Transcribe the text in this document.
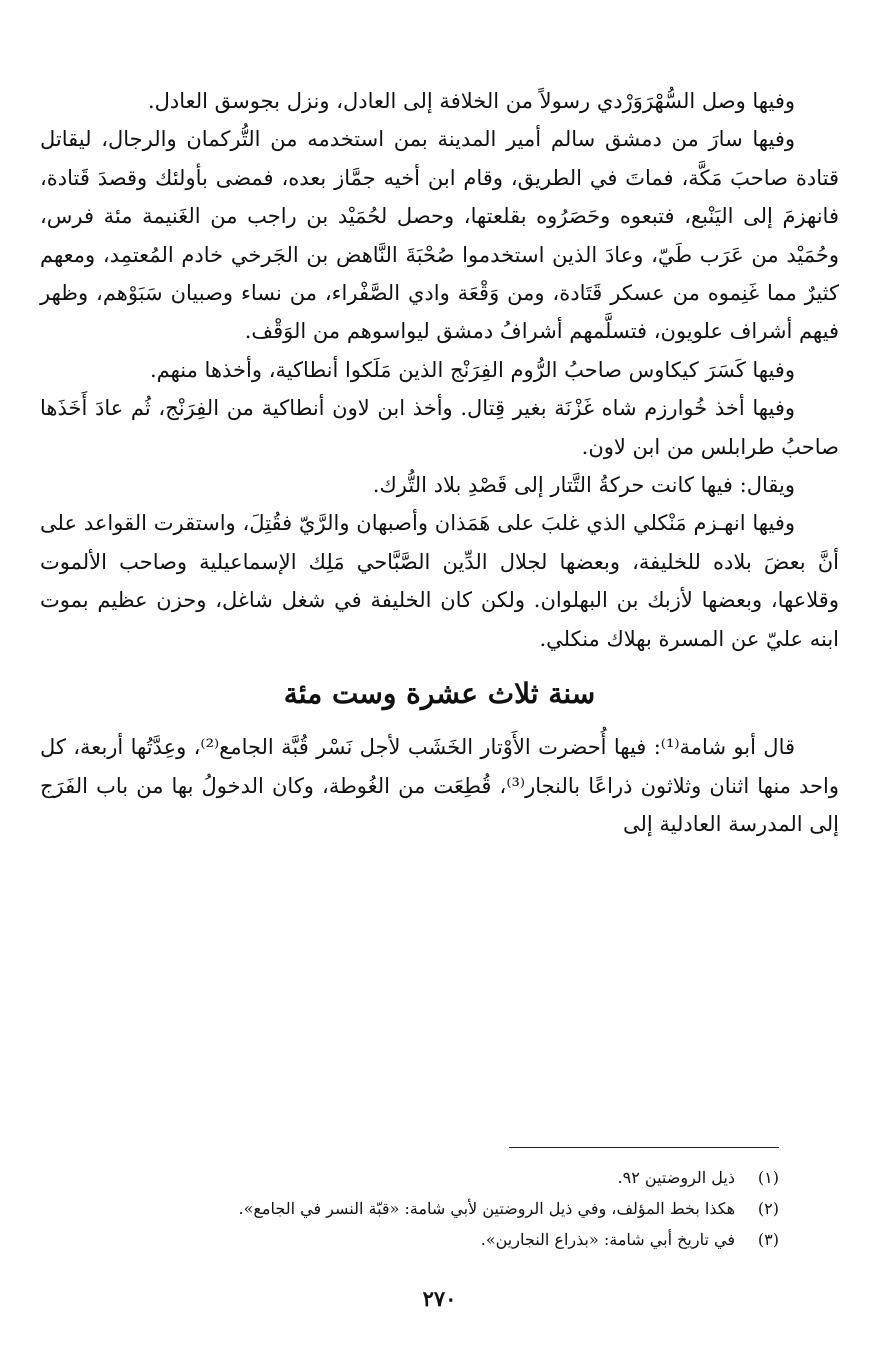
وفيها وصل السُّهْرَوَرْدي رسولاً من الخلافة إلى العادل، ونزل بجوسق العادل.

وفيها سارَ من دمشق سالم أمير المدينة بمن استخدمه من التُّركمان والرجال، ليقاتل قتادة صاحبَ مَكَّة، فماتَ في الطريق، وقام ابن أخيه جمَّاز بعده، فمضى بأولئك وقصدَ قَتادة، فانهزمَ إلى اليَنْبع، فتبعوه وحَصَرُوه بقلعتها، وحصل لحُمَيْد بن راجب من الغَنيمة مئة فرس، وحُمَيْد من عَرَب طَيّ، وعادَ الذين استخدموا صُحْبَةَ النَّاهض بن الجَرخي خادم المُعتمِد، ومعهم كثيرٌ مما غَنِموه من عسكر قَتَادة، ومن وَقْعَة وادي الصَّفْراء، من نساء وصبيان سَبَوْهم، وظهر فيهم أشراف علويون، فتسلَّمهم أشرافُ دمشق ليواسوهم من الوَقْف.

وفيها كَسَرَ كيكاوس صاحبُ الرُّوم الفِرَنْج الذين مَلَكوا أنطاكية، وأخذها منهم.

وفيها أخذ خُوارزم شاه غَزْنَة بغير قِتال. وأخذ ابن لاون أنطاكية من الفِرَنْج، ثُم عادَ أَخَذَها صاحبُ طرابلس من ابن لاون.

ويقال: فيها كانت حركةُ التَّتار إلى قَصْدِ بلاد التُّرك.

وفيها انهـزم مَنْكلي الذي غلبَ على هَمَذان وأصبهان والرَّيّ فقُتِلَ، واستقرت القواعد على أنَّ بعضَ بلاده للخليفة، وبعضها لجلال الدِّين الصَّبَّاحي مَلِك الإسماعيلية وصاحب الألموت وقلاعها، وبعضها لأزبك بن البهلوان. ولكن كان الخليفة في شغل شاغل، وحزن عظيم بموت ابنه عليّ عن المسرة بهلاك منكلي.

سنة ثلاث عشرة وست مئة

قال أبو شامة⁽¹⁾: فيها أُحضرت الأَوْتار الخَشَب لأجل نَسْر قُبَّة الجامع⁽²⁾، وعِدَّتُها أربعة، كل واحد منها اثنان وثلاثون ذراعًا بالنجار⁽³⁾، قُطِعَت من الغُوطة، وكان الدخولُ بها من باب الفَرَج إلى المدرسة العادلية إلى

(١)
ذيل الروضتين ٩٢.
(٢)
هكذا بخط المؤلف، وفي ذيل الروضتين لأبي شامة: «قبّة النسر في الجامع».
(٣)
في تاريخ أبي شامة: «بذراع النجارين».
٢٧٠
